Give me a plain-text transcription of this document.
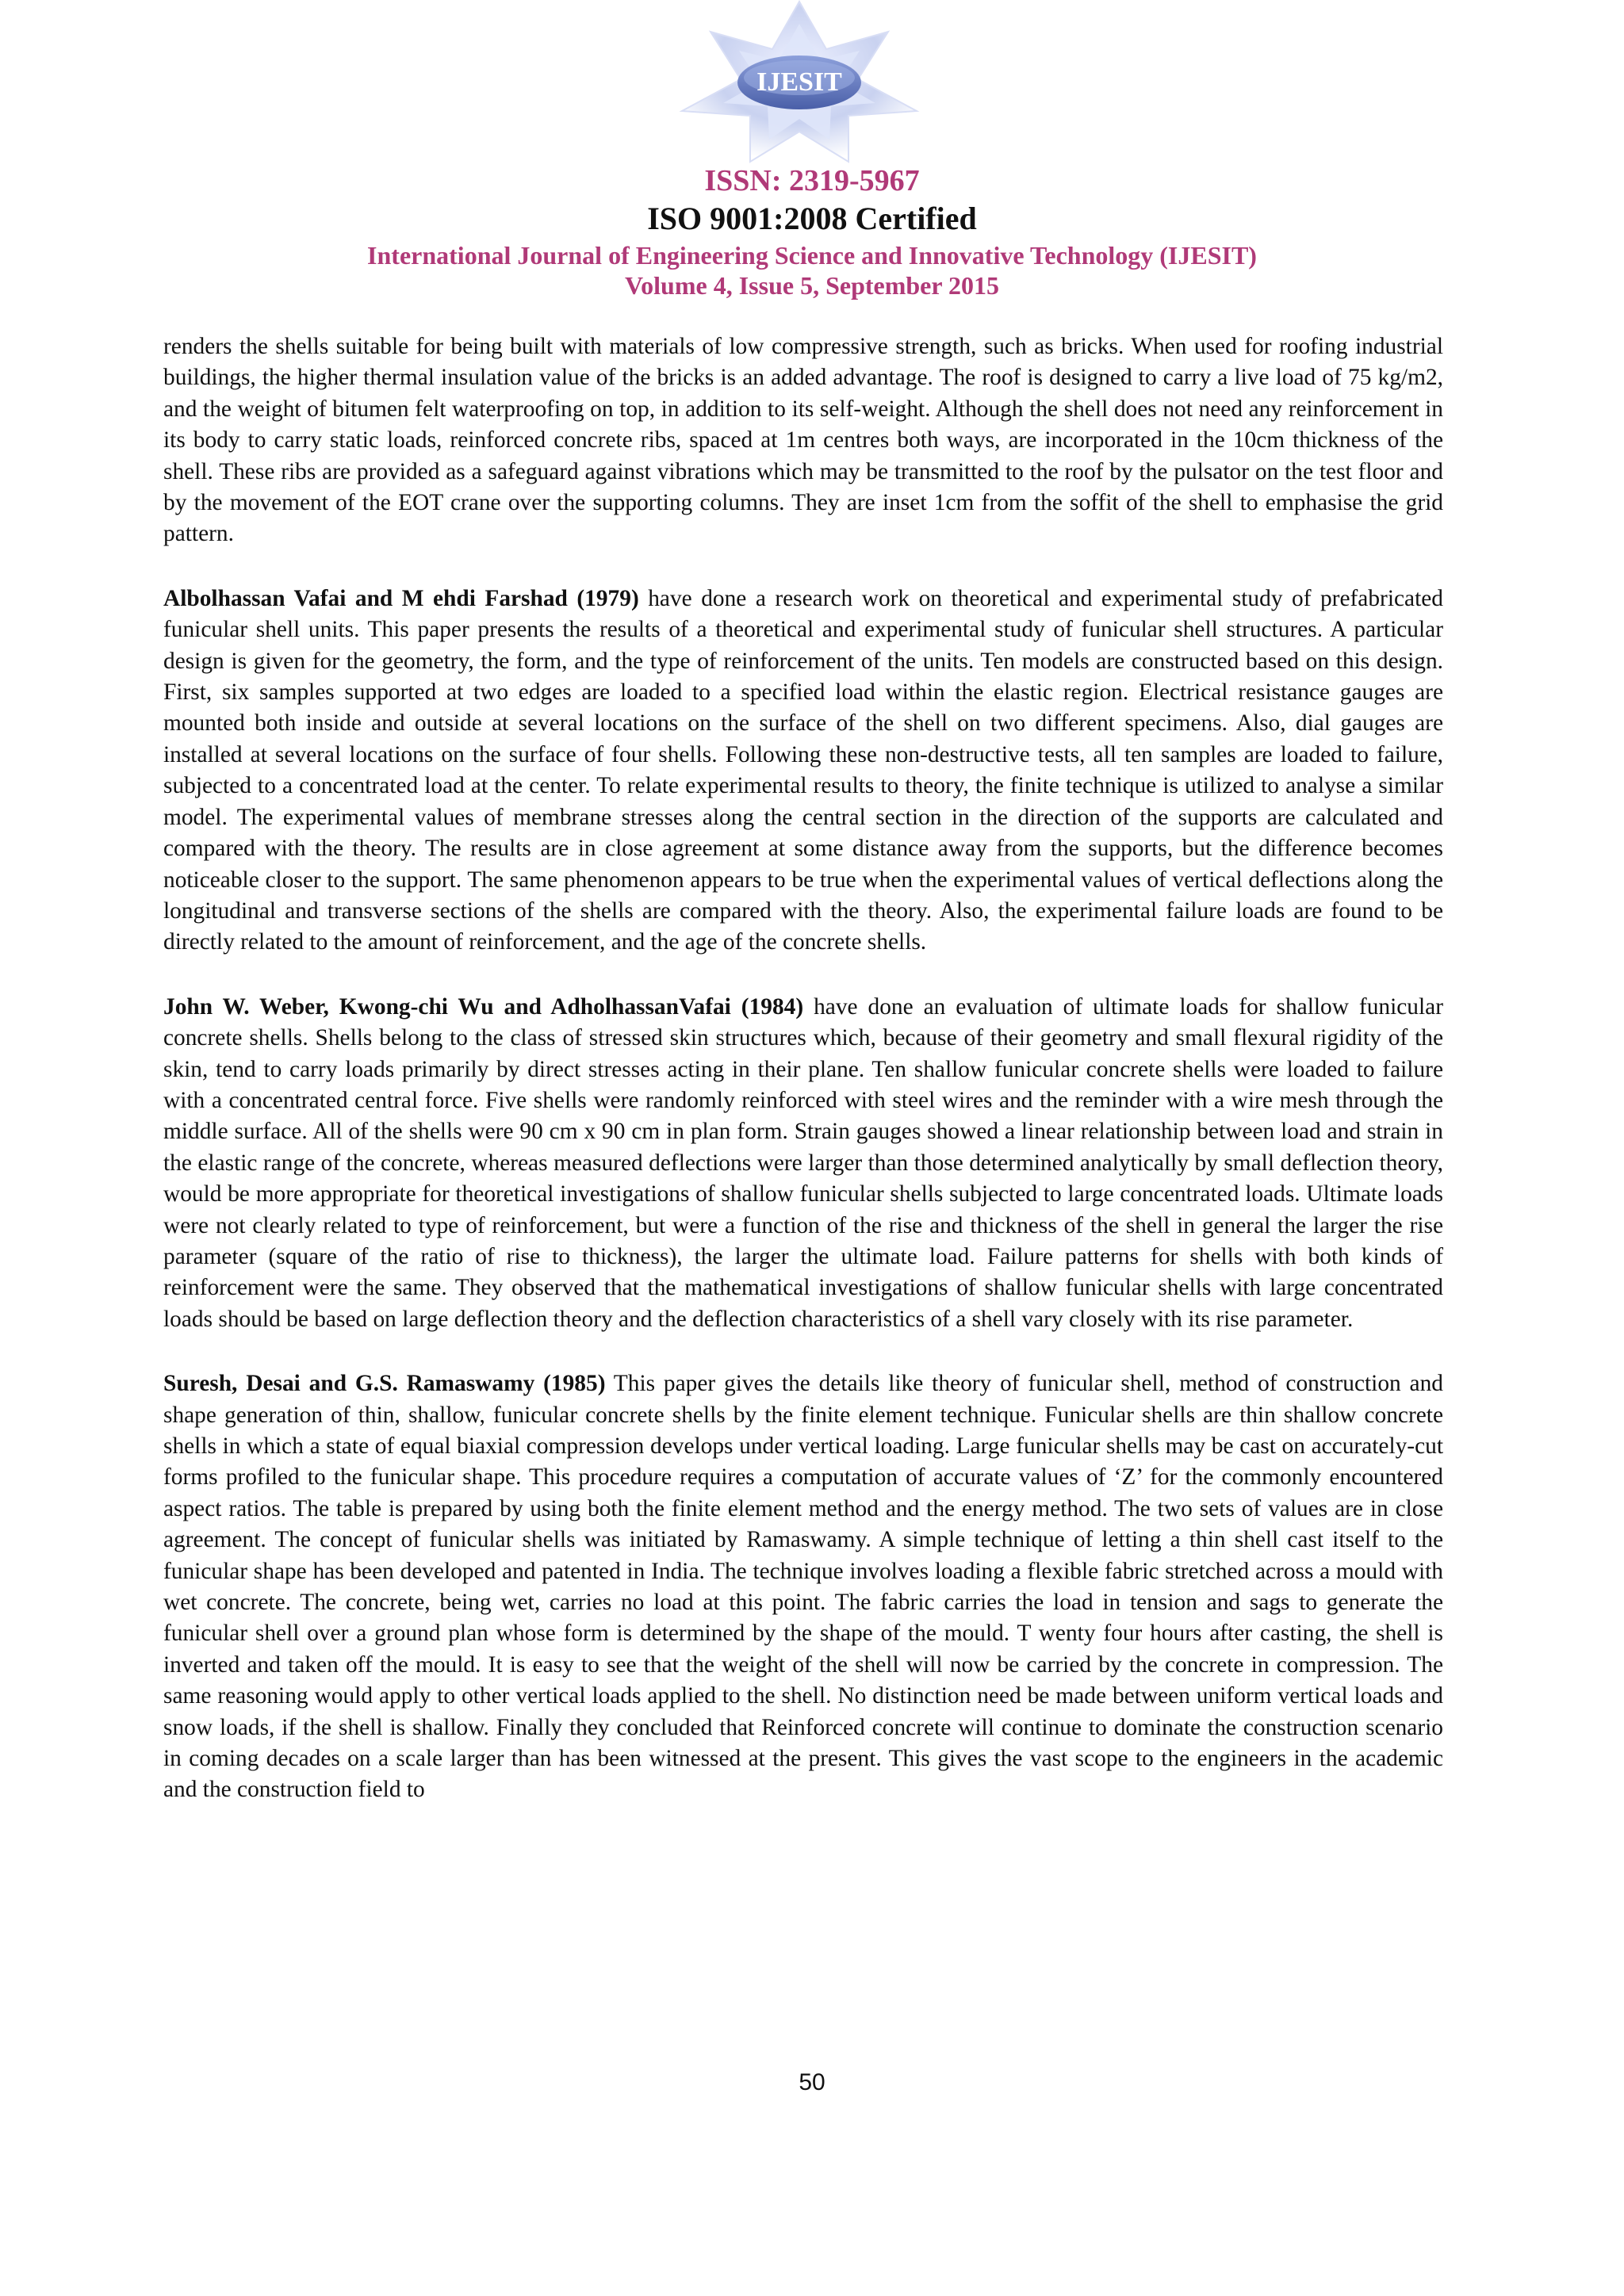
IJESIT
ISSN: 2319-5967
ISO 9001:2008 Certified
International Journal of Engineering Science and Innovative Technology (IJESIT)
Volume 4, Issue 5, September 2015

renders the shells suitable for being built with materials of low compressive strength, such as bricks. When used for roofing industrial buildings, the higher thermal insulation value of the bricks is an added advantage. The roof is designed to carry a live load of 75 kg/m2, and the weight of bitumen felt waterproofing on top, in addition to its self-weight. Although the shell does not need any reinforcement in its body to carry static loads, reinforced concrete ribs, spaced at 1m centres both ways, are incorporated in the 10cm thickness of the shell. These ribs are provided as a safeguard against vibrations which may be transmitted to the roof by the pulsator on the test floor and by the movement of the EOT crane over the supporting columns. They are inset 1cm from the soffit of the shell to emphasise the grid pattern.

Albolhassan Vafai and M ehdi Farshad (1979) have done a research work on theoretical and experimental study of prefabricated funicular shell units. This paper presents the results of a theoretical and experimental study of funicular shell structures. A particular design is given for the geometry, the form, and the type of reinforcement of the units. Ten models are constructed based on this design. First, six samples supported at two edges are loaded to a specified load within the elastic region. Electrical resistance gauges are mounted both inside and outside at several locations on the surface of the shell on two different specimens. Also, dial gauges are installed at several locations on the surface of four shells. Following these non-destructive tests, all ten samples are loaded to failure, subjected to a concentrated load at the center. To relate experimental results to theory, the finite technique is utilized to analyse a similar model. The experimental values of membrane stresses along the central section in the direction of the supports are calculated and compared with the theory. The results are in close agreement at some distance away from the supports, but the difference becomes noticeable closer to the support. The same phenomenon appears to be true when the experimental values of vertical deflections along the longitudinal and transverse sections of the shells are compared with the theory. Also, the experimental failure loads are found to be directly related to the amount of reinforcement, and the age of the concrete shells.

John W. Weber, Kwong-chi Wu and AdholhassanVafai (1984) have done an evaluation of ultimate loads for shallow funicular concrete shells. Shells belong to the class of stressed skin structures which, because of their geometry and small flexural rigidity of the skin, tend to carry loads primarily by direct stresses acting in their plane. Ten shallow funicular concrete shells were loaded to failure with a concentrated central force. Five shells were randomly reinforced with steel wires and the reminder with a wire mesh through the middle surface. All of the shells were 90 cm x 90 cm in plan form. Strain gauges showed a linear relationship between load and strain in the elastic range of the concrete, whereas measured deflections were larger than those determined analytically by small deflection theory, would be more appropriate for theoretical investigations of shallow funicular shells subjected to large concentrated loads. Ultimate loads were not clearly related to type of reinforcement, but were a function of the rise and thickness of the shell in general the larger the rise parameter (square of the ratio of rise to thickness), the larger the ultimate load. Failure patterns for shells with both kinds of reinforcement were the same. They observed that the mathematical investigations of shallow funicular shells with large concentrated loads should be based on large deflection theory and the deflection characteristics of a shell vary closely with its rise parameter.

Suresh, Desai and G.S. Ramaswamy (1985) This paper gives the details like theory of funicular shell, method of construction and shape generation of thin, shallow, funicular concrete shells by the finite element technique. Funicular shells are thin shallow concrete shells in which a state of equal biaxial compression develops under vertical loading. Large funicular shells may be cast on accurately-cut forms profiled to the funicular shape. This procedure requires a computation of accurate values of ‘Z’ for the commonly encountered aspect ratios. The table is prepared by using both the finite element method and the energy method. The two sets of values are in close agreement. The concept of funicular shells was initiated by Ramaswamy. A simple technique of letting a thin shell cast itself to the funicular shape has been developed and patented in India. The technique involves loading a flexible fabric stretched across a mould with wet concrete. The concrete, being wet, carries no load at this point. The fabric carries the load in tension and sags to generate the funicular shell over a ground plan whose form is determined by the shape of the mould. T wenty four hours after casting, the shell is inverted and taken off the mould. It is easy to see that the weight of the shell will now be carried by the concrete in compression. The same reasoning would apply to other vertical loads applied to the shell. No distinction need be made between uniform vertical loads and snow loads, if the shell is shallow. Finally they concluded that Reinforced concrete will continue to dominate the construction scenario in coming decades on a scale larger than has been witnessed at the present. This gives the vast scope to the engineers in the academic and the construction field to

50
